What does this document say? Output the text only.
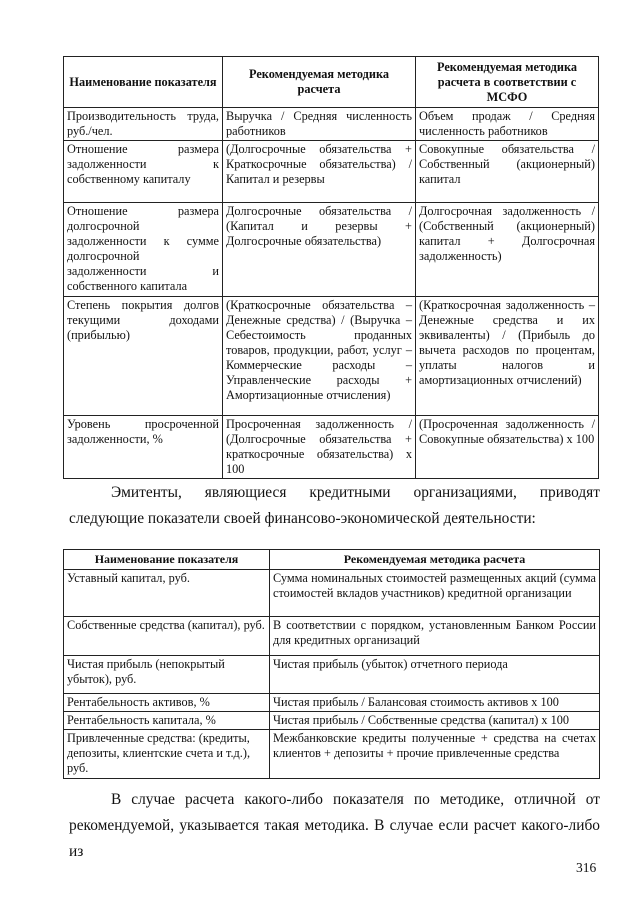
Наименование показателя	Рекомендуемая методика расчета	Рекомендуемая методика расчета в соответствии с МСФО
Производительность труда, руб./чел.	Выручка / Средняя численность работников	Объем продаж / Средняя численность работников
Отношение размера задолженности к собственному капиталу	(Долгосрочные обязательства + Краткосрочные обязательства) / Капитал и резервы	Совокупные обязательства / Собственный (акционерный) капитал
Отношение размера долгосрочной задолженности к сумме долгосрочной задолженности и собственного капитала	Долгосрочные обязательства / (Капитал и резервы + Долгосрочные обязательства)	Долгосрочная задолженность / (Собственный (акционерный) капитал + Долгосрочная задолженность)
Степень покрытия долгов текущими доходами (прибылью)	(Краткосрочные обязательства – Денежные средства) / (Выручка – Себестоимость проданных товаров, продукции, работ, услуг – Коммерческие расходы – Управленческие расходы + Амортизационные отчисления)	(Краткосрочная задолженность – Денежные средства и их эквиваленты) / (Прибыль до вычета расходов по процентам, уплаты налогов и амортизационных отчислений)
Уровень просроченной задолженности, %	Просроченная задолженность / (Долгосрочные обязательства + краткосрочные обязательства) х 100	(Просроченная задолженность / Совокупные обязательства) х 100

Эмитенты, являющиеся кредитными организациями, приводят следующие показатели своей финансово-экономической деятельности:

Наименование показателя	Рекомендуемая методика расчета
Уставный капитал, руб.	Сумма номинальных стоимостей размещенных акций (сумма стоимостей вкладов участников) кредитной организации
Собственные средства (капитал), руб.	В соответствии с порядком, установленным Банком России для кредитных организаций
Чистая прибыль (непокрытый убыток), руб.	Чистая прибыль (убыток) отчетного периода
Рентабельность активов, %	Чистая прибыль / Балансовая стоимость активов х 100
Рентабельность капитала, %	Чистая прибыль / Собственные средства (капитал) х 100
Привлеченные средства: (кредиты, депозиты, клиентские счета и т.д.), руб.	Межбанковские кредиты полученные + средства на счетах клиентов + депозиты + прочие привлеченные средства

В случае расчета какого-либо показателя по методике, отличной от рекомендуемой, указывается такая методика. В случае если расчет какого-либо из

316
